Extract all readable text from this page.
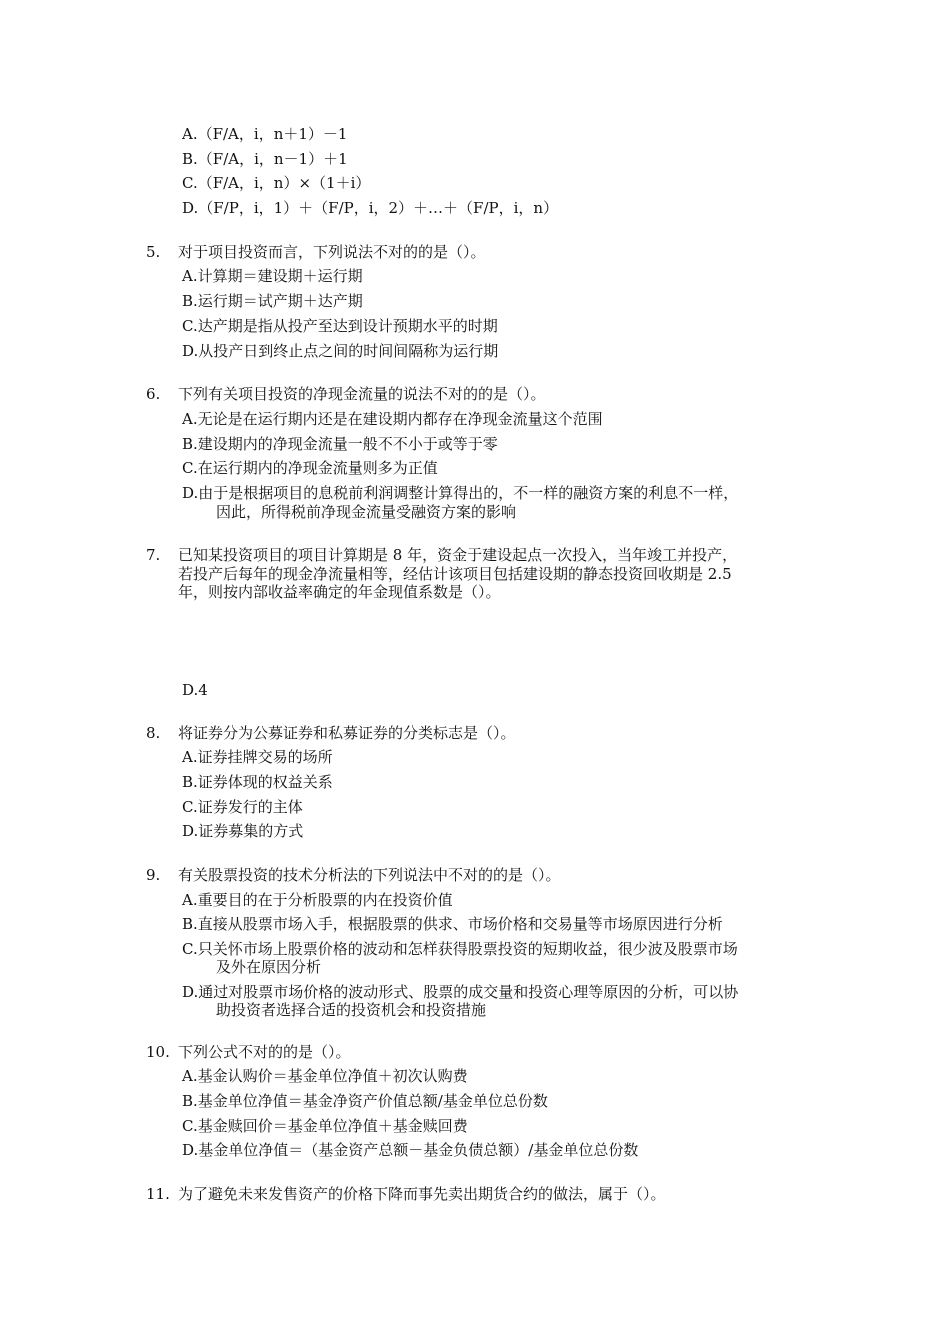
A.（F/A，i，n＋1）－1
B.（F/A，i，n－1）＋1
C.（F/A，i，n）×（1＋i）
D.（F/P，i，1）＋（F/P，i，2）＋…＋（F/P，i，n）
5. 对于项目投资而言，下列说法不对的的是（）。
A.计算期＝建设期＋运行期
B.运行期＝试产期＋达产期
C.达产期是指从投产至达到设计预期水平的时期
D.从投产日到终止点之间的时间间隔称为运行期
6. 下列有关项目投资的净现金流量的说法不对的的是（）。
A.无论是在运行期内还是在建设期内都存在净现金流量这个范围
B.建设期内的净现金流量一般不不小于或等于零
C.在运行期内的净现金流量则多为正值
D.由于是根据项目的息税前利润调整计算得出的，不一样的融资方案的利息不一样，
因此，所得税前净现金流量受融资方案的影响
7. 已知某投资项目的项目计算期是 8 年，资金于建设起点一次投入，当年竣工并投产，
若投产后每年的现金净流量相等，经估计该项目包括建设期的静态投资回收期是 2.5
年，则按内部收益率确定的年金现值系数是（）。
D.4
8. 将证券分为公募证券和私募证券的分类标志是（）。
A.证券挂牌交易的场所
B.证券体现的权益关系
C.证券发行的主体
D.证券募集的方式
9. 有关股票投资的技术分析法的下列说法中不对的的是（）。
A.重要目的在于分析股票的内在投资价值
B.直接从股票市场入手，根据股票的供求、市场价格和交易量等市场原因进行分析
C.只关怀市场上股票价格的波动和怎样获得股票投资的短期收益，很少波及股票市场
及外在原因分析
D.通过对股票市场价格的波动形式、股票的成交量和投资心理等原因的分析，可以协
助投资者选择合适的投资机会和投资措施
10. 下列公式不对的的是（）。
A.基金认购价＝基金单位净值＋初次认购费
B.基金单位净值＝基金净资产价值总额/基金单位总份数
C.基金赎回价＝基金单位净值＋基金赎回费
D.基金单位净值＝（基金资产总额－基金负债总额）/基金单位总份数
11. 为了避免未来发售资产的价格下降而事先卖出期货合约的做法，属于（）。
